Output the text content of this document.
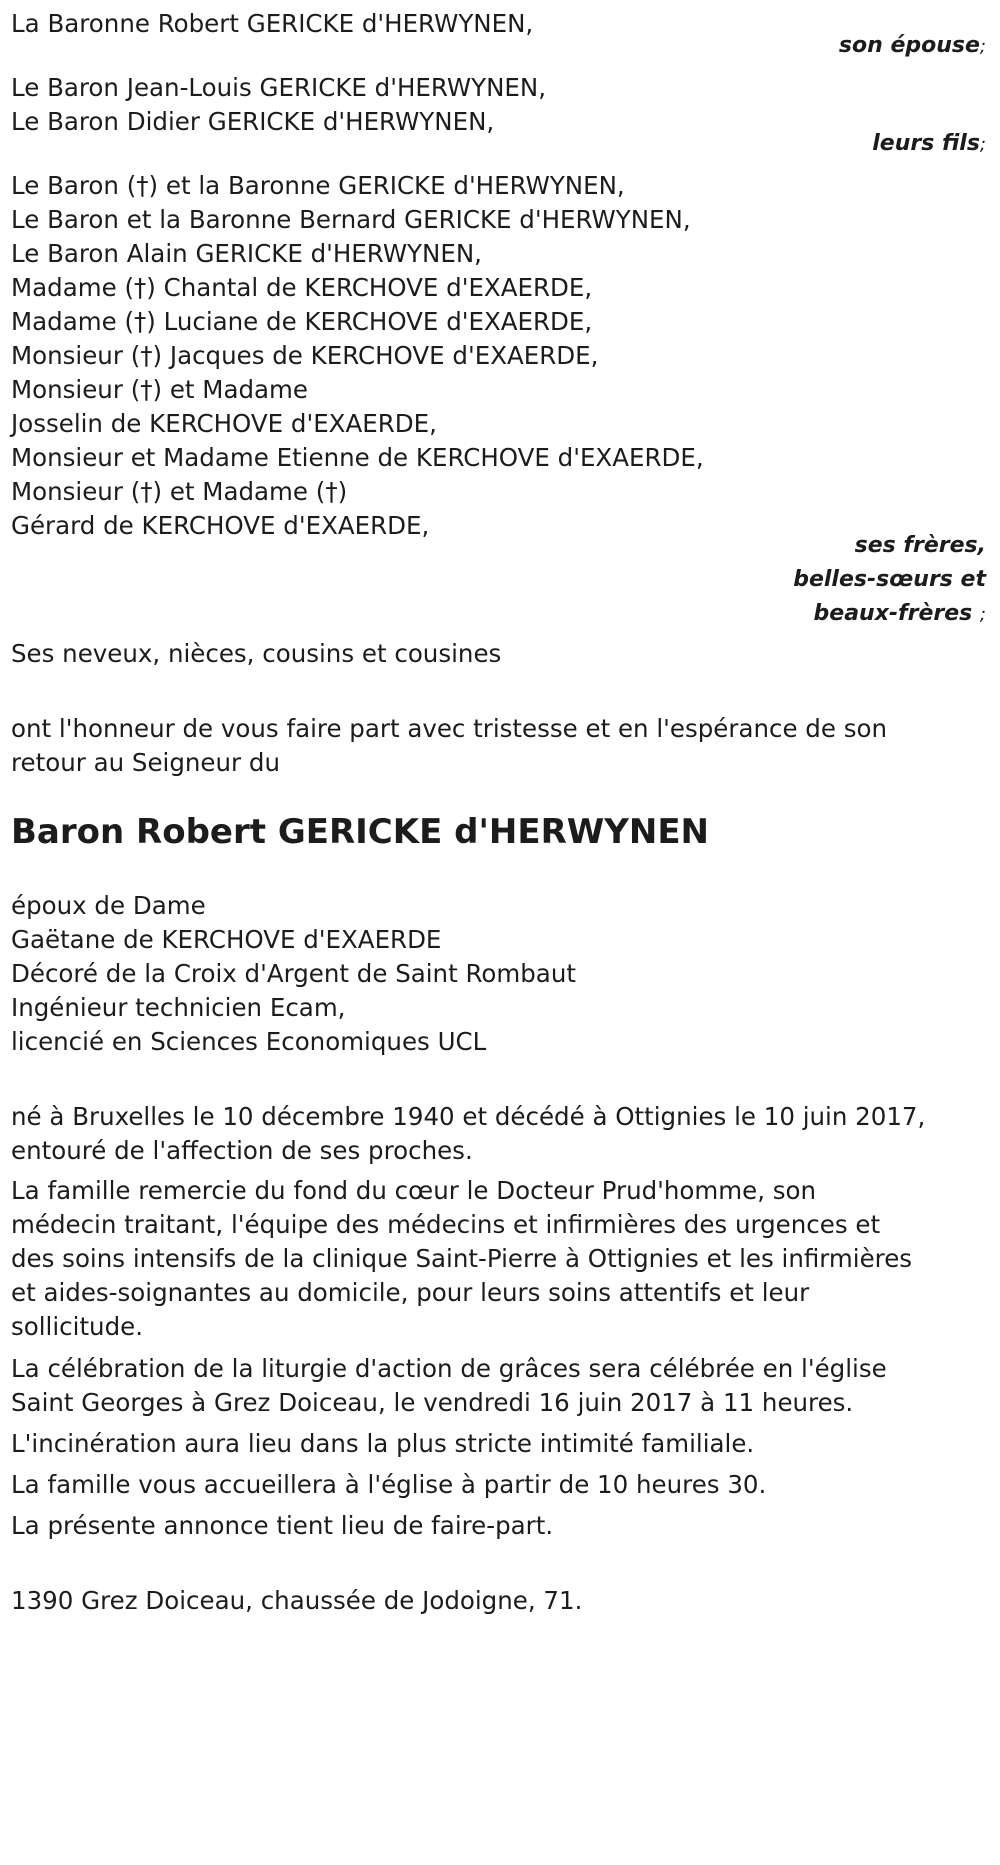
La Baronne Robert GERICKE d'HERWYNEN,
son épouse;
Le Baron Jean-Louis GERICKE d'HERWYNEN,
Le Baron Didier GERICKE d'HERWYNEN,
leurs fils;
Le Baron (†) et la Baronne GERICKE d'HERWYNEN,
Le Baron et la Baronne Bernard GERICKE d'HERWYNEN,
Le Baron Alain GERICKE d'HERWYNEN,
Madame (†) Chantal de KERCHOVE d'EXAERDE,
Madame (†) Luciane de KERCHOVE d'EXAERDE,
Monsieur (†) Jacques de KERCHOVE d'EXAERDE,
Monsieur (†) et Madame
Josselin de KERCHOVE d'EXAERDE,
Monsieur et Madame Etienne de KERCHOVE d'EXAERDE,
Monsieur (†) et Madame (†)
Gérard de KERCHOVE d'EXAERDE,
ses frères,
belles-sœurs et
beaux-frères ;
Ses neveux, nièces, cousins et cousines
ont l'honneur de vous faire part avec tristesse et en l'espérance de son
retour au Seigneur du
Baron Robert GERICKE d'HERWYNEN
époux de Dame
Gaëtane de KERCHOVE d'EXAERDE
Décoré de la Croix d'Argent de Saint Rombaut
Ingénieur technicien Ecam,
licencié en Sciences Economiques UCL
né à Bruxelles le 10 décembre 1940 et décédé à Ottignies le 10 juin 2017,
entouré de l'affection de ses proches.
La famille remercie du fond du cœur le Docteur Prud'homme, son
médecin traitant, l'équipe des médecins et infirmières des urgences et
des soins intensifs de la clinique Saint-Pierre à Ottignies et les infirmières
et aides-soignantes au domicile, pour leurs soins attentifs et leur
sollicitude.
La célébration de la liturgie d'action de grâces sera célébrée en l'église
Saint Georges à Grez Doiceau, le vendredi 16 juin 2017 à 11 heures.
L'incinération aura lieu dans la plus stricte intimité familiale.
La famille vous accueillera à l'église à partir de 10 heures 30.
La présente annonce tient lieu de faire-part.
1390 Grez Doiceau, chaussée de Jodoigne, 71.
